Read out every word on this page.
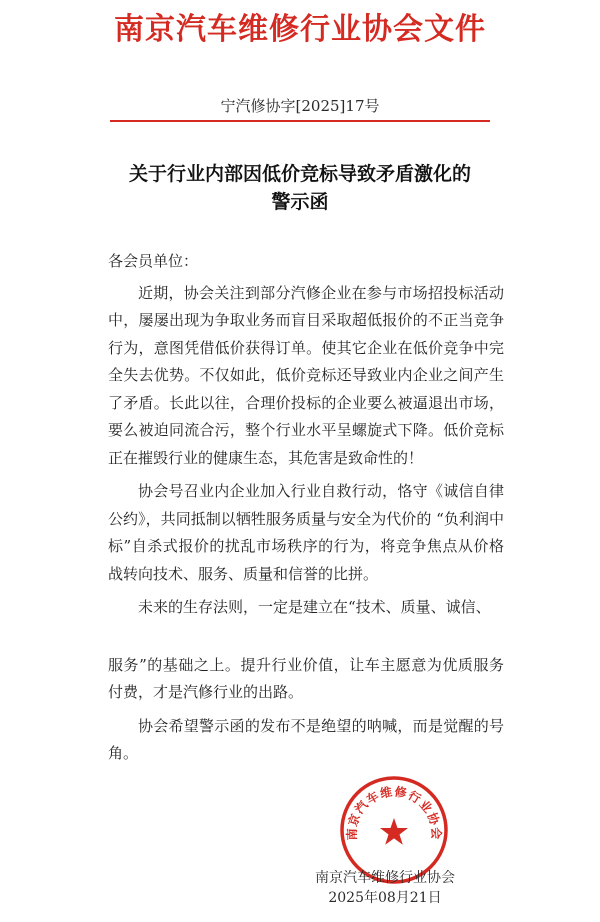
南京汽车维修行业协会文件
宁汽修协字[2025]17号
关于行业内部因低价竞标导致矛盾激化的
警示函

各会员单位：

近期，协会关注到部分汽修企业在参与市场招投标活动中，屡屡出现为争取业务而盲目采取超低报价的不正当竞争行为，意图凭借低价获得订单。使其它企业在低价竞争中完全失去优势。不仅如此，低价竞标还导致业内企业之间产生了矛盾。长此以往，合理价投标的企业要么被逼退出市场，要么被迫同流合污，整个行业水平呈螺旋式下降。低价竞标正在摧毁行业的健康生态，其危害是致命性的！

协会号召业内企业加入行业自救行动，恪守《诚信自律公约》，共同抵制以牺牲服务质量与安全为代价的 “负利润中标”自杀式报价的扰乱市场秩序的行为，将竞争焦点从价格战转向技术、服务、质量和信誉的比拼。

未来的生存法则，一定是建立在“技术、质量、诚信、

服务”的基础之上。提升行业价值，让车主愿意为优质服务付费，才是汽修行业的出路。

协会希望警示函的发布不是绝望的呐喊，而是觉醒的号角。

南京汽车维修行业协会
南京汽车维修行业协会
2025年08月21日
